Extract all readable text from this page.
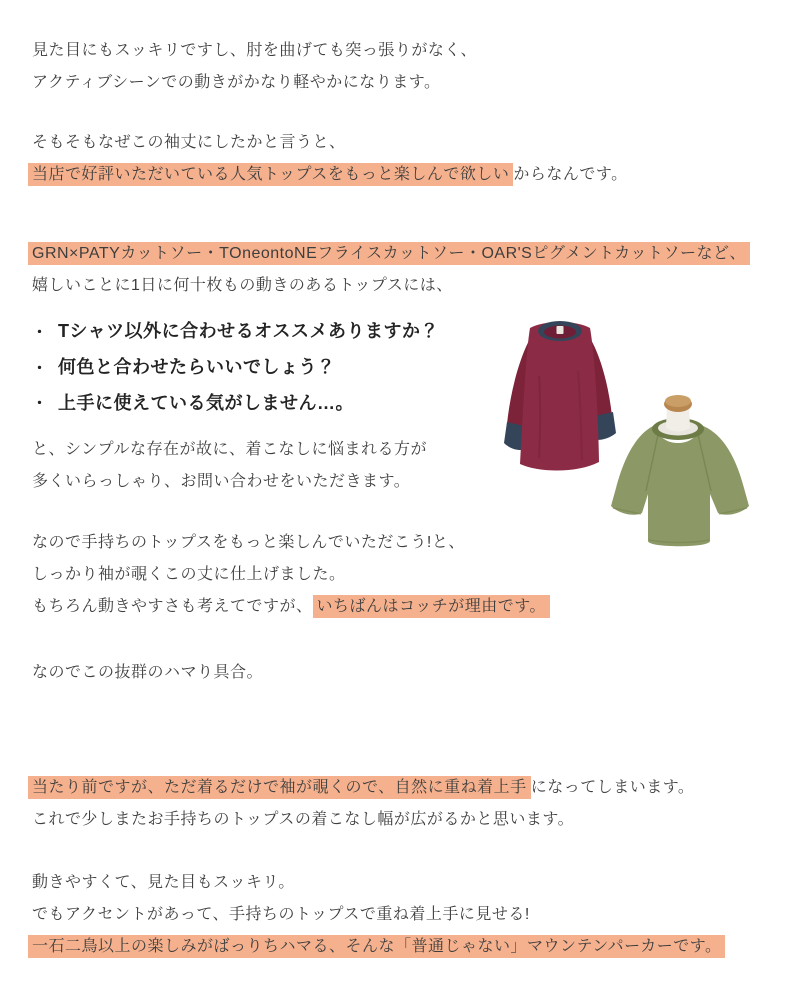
見た目にもスッキリですし、肘を曲げても突っ張りがなく、
アクティブシーンでの動きがかなり軽やかになります。
そもそもなぜこの袖丈にしたかと言うと、
当店で好評いただいている人気トップスをもっと楽しんで欲しい からなんです。
GRN×PATYカットソー・TOneontoNEフライスカットソー・OAR'Sピグメントカットソーなど、
嬉しいことに1日に何十枚もの動きのあるトップスには、
・ Tシャツ以外に合わせるオススメありますか？
・ 何色と合わせたらいいでしょう？
・ 上手に使えている気がしません…。
と、シンプルな存在が故に、着こなしに悩まれる方が
多くいらっしゃり、お問い合わせをいただきます。
なので手持ちのトップスをもっと楽しんでいただこう!と、
しっかり袖が覗くこの丈に仕上げました。
もちろん動きやすさも考えてですが、 いちばんはコッチが理由です。
なのでこの抜群のハマり具合。
当たり前ですが、ただ着るだけで袖が覗くので、自然に重ね着上手 になってしまいます。
これで少しまたお手持ちのトップスの着こなし幅が広がるかと思います。
動きやすくて、見た目もスッキリ。
でもアクセントがあって、手持ちのトップスで重ね着上手に見せる!
一石二鳥以上の楽しみがばっりちハマる、そんな「普通じゃない」マウンテンパーカーです。
